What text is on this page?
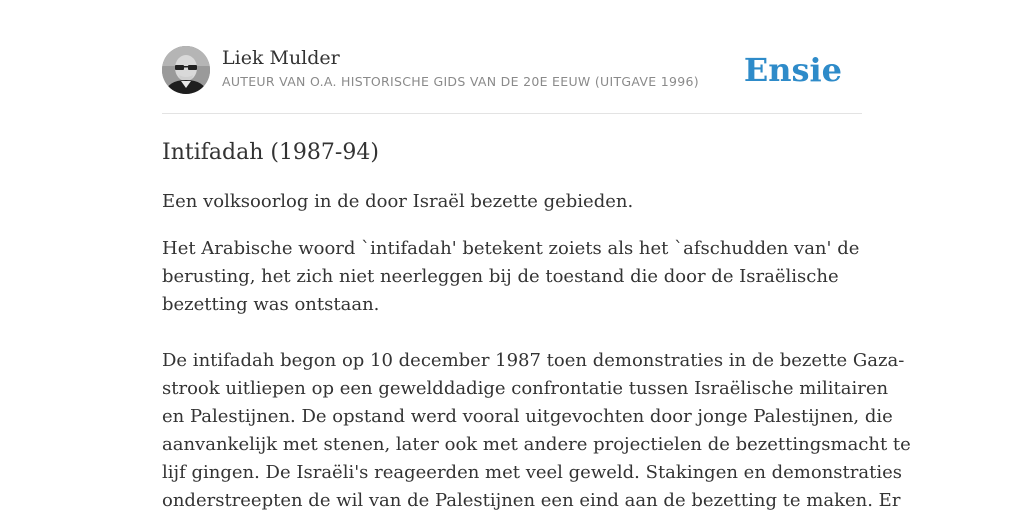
Liek Mulder
AUTEUR VAN O.A. HISTORISCHE GIDS VAN DE 20E EEUW (UITGAVE 1996) Ensie
Intifadah (1987-94)

Een volksoorlog in de door Israël bezette gebieden.

Het Arabische woord `intifadah' betekent zoiets als het `afschudden van' de
berusting, het zich niet neerleggen bij de toestand die door de Israëlische
bezetting was ontstaan.

De intifadah begon op 10 december 1987 toen demonstraties in de bezette Gaza-
strook uitliepen op een gewelddadige confrontatie tussen Israëlische militairen
en Palestijnen. De opstand werd vooral uitgevochten door jonge Palestijnen, die
aanvankelijk met stenen, later ook met andere projectielen de bezettingsmacht te
lijf gingen. De Israëli's reageerden met veel geweld. Stakingen en demonstraties
onderstreepten de wil van de Palestijnen een eind aan de bezetting te maken. Er
